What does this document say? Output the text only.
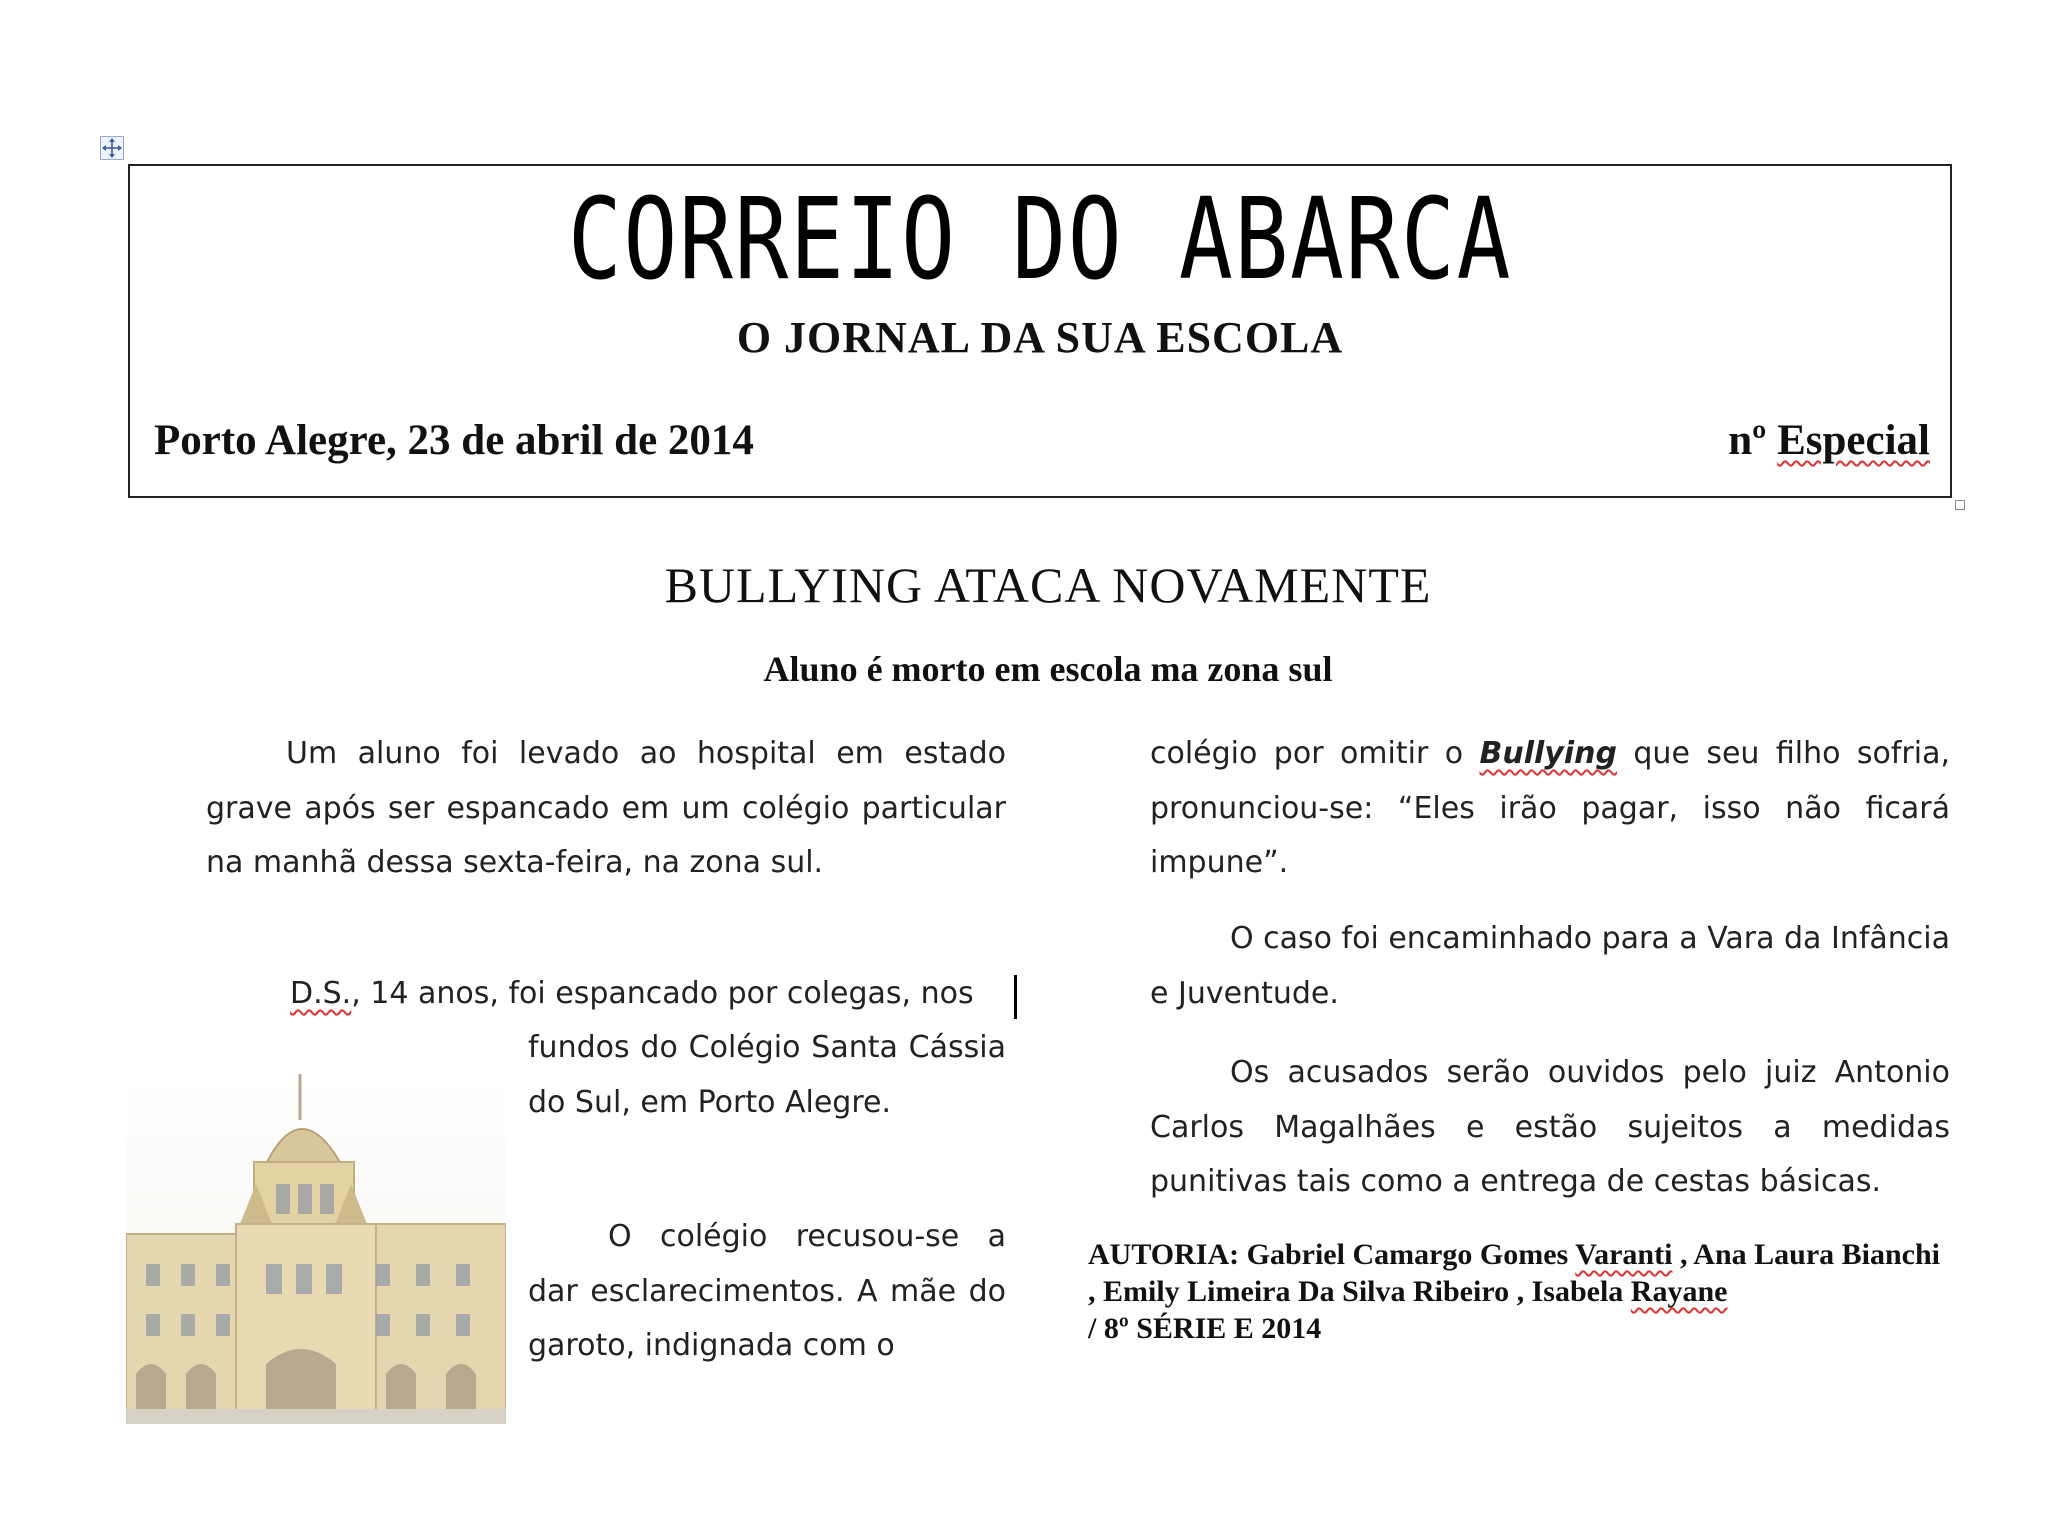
CORREIO DO ABARCA
O JORNAL DA SUA ESCOLA
Porto Alegre, 23 de abril de 2014	nº Especial
BULLYING ATACA NOVAMENTE
Aluno é morto em escola ma zona sul

Um aluno foi levado ao hospital em estado grave após ser espancado em um colégio particular na manhã dessa sexta-feira, na zona sul.

D.S., 14 anos, foi espancado por colegas, nos

fundos do Colégio Santa Cássia do Sul, em Porto Alegre.

O colégio recusou-se a dar esclarecimentos. A mãe do garoto, indignada com o

colégio por omitir o Bullying que seu filho sofria, pronunciou-se: “Eles irão pagar, isso não ficará impune”.

O caso foi encaminhado para a Vara da Infância e Juventude.

Os acusados serão ouvidos pelo juiz Antonio Carlos Magalhães e estão sujeitos a medidas punitivas tais como a entrega de cestas básicas.

AUTORIA: Gabriel Camargo Gomes Varanti , Ana Laura Bianchi , Emily Limeira Da Silva Ribeiro , Isabela Rayane
/ 8º SÉRIE E 2014
